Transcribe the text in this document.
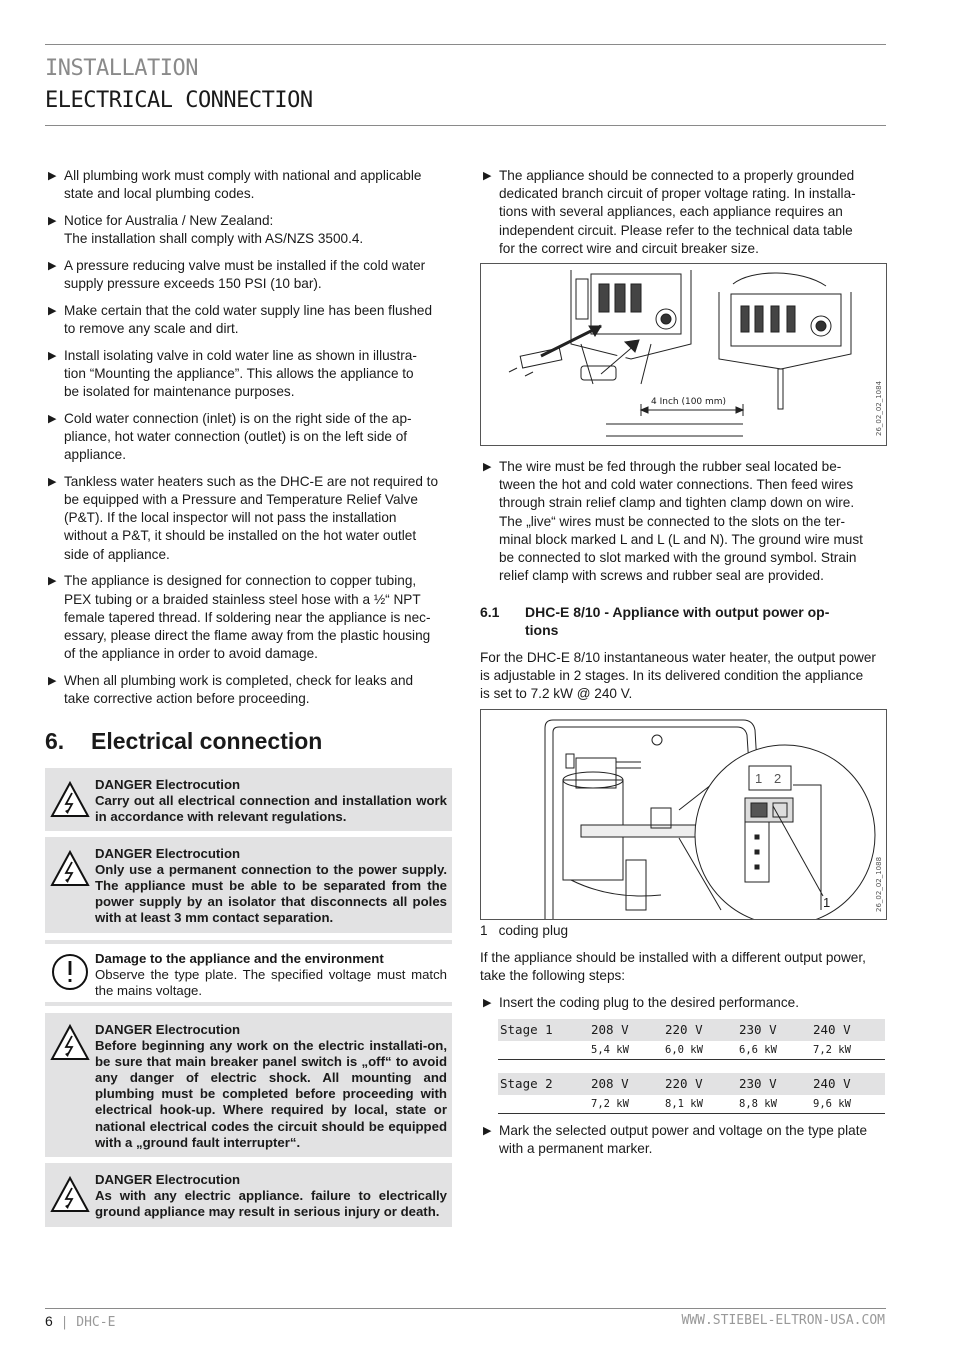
INSTALLATION
ELECTRICAL CONNECTION
▶ All plumbing work must comply with national and applicable

state and local plumbing codes.

▶ Notice for Australia / New Zealand:

The installation shall comply with AS/NZS 3500.4.

▶ A pressure reducing valve must be installed if the cold water

supply pressure exceeds 150 PSI (10 bar).

▶ Make certain that the cold water supply line has been flushed

to remove any scale and dirt.

▶ Install isolating valve in cold water line as shown in illustra-

tion “Mounting the appliance”. This allows the appliance to

be isolated for maintenance purposes.

▶ Cold water connection (inlet) is on the right side of the ap-

pliance, hot water connection (outlet) is on the left side of

appliance.

▶ Tankless water heaters such as the DHC-E are not required to

be equipped with a Pressure and Temperature Relief Valve

(P&T). If the local inspector will not pass the installation

without a P&T, it should be installed on the hot water outlet

side of appliance.

▶ The appliance is designed for connection to copper tubing,

PEX tubing or a braided stainless steel hose with a ½“ NPT

female tapered thread. If soldering near the appliance is nec-

essary, please direct the flame away from the plastic housing

of the appliance in order to avoid damage.

▶ When all plumbing work is completed, check for leaks and

take corrective action before proceeding.

6. Electrical connection
DANGER Electrocution
Carry out all electrical connection and installation work in accordance with relevant regulations.
DANGER Electrocution
Only use a permanent connection to the power supply. The appliance must be able to be separated from the power supply by an isolator that disconnects all poles with at least 3 mm contact separation.
Damage to the appliance and the environment
Observe the type plate. The specified voltage must match the mains voltage.
DANGER Electrocution
Before beginning any work on the electric installati-on, be sure that main breaker panel switch is „off“ to avoid any danger of electric shock. All mounting and plumbing must be completed before proceeding with electrical hook-up. Where required by local, state or national electrical codes the circuit should be equipped with a „ground fault interrupter“.
DANGER Electrocution
As with any electric appliance. failure to electrically ground appliance may result in serious injury or death.
▶ The appliance should be connected to a properly grounded

dedicated branch circuit of proper voltage rating. In installa-

tions with several appliances, each appliance requires an

independent circuit. Please refer to the technical data table

for the correct wire and circuit breaker size.

4 Inch (100 mm)	26_02_02_1084
▶ The wire must be fed through the rubber seal located be-

tween the hot and cold water connections. Then feed wires

through strain relief clamp and tighten clamp down on wire.

The „live“ wires must be connected to the slots on the ter-

minal block marked L and L (L and N). The ground wire must

be connected to slot marked with the ground symbol. Strain

relief clamp with screws and rubber seal are provided.

6.1	DHC-E 8/10 - Appliance with output power op-
tions

For the DHC-E 8/10 instantaneous water heater, the output power

is adjustable in 2 stages. In its delivered condition the appliance

is set to 7.2 kW @ 240 V.

1 2
1	26_02_02_1088
1 coding plug

If the appliance should be installed with a different output power,

take the following steps:

▶ Insert the coding plug to the desired performance.

Stage 1	208 V	220 V	230 V	240 V
	5,4 kW	6,0 kW	6,6 kW	7,2 kW
Stage 2	208 V	220 V	230 V	240 V
	7,2 kW	8,1 kW	8,8 kW	9,6 kW
▶ Mark the selected output power and voltage on the type plate

with a permanent marker.

6 | DHC-E	WWW.STIEBEL-ELTRON-USA.COM
